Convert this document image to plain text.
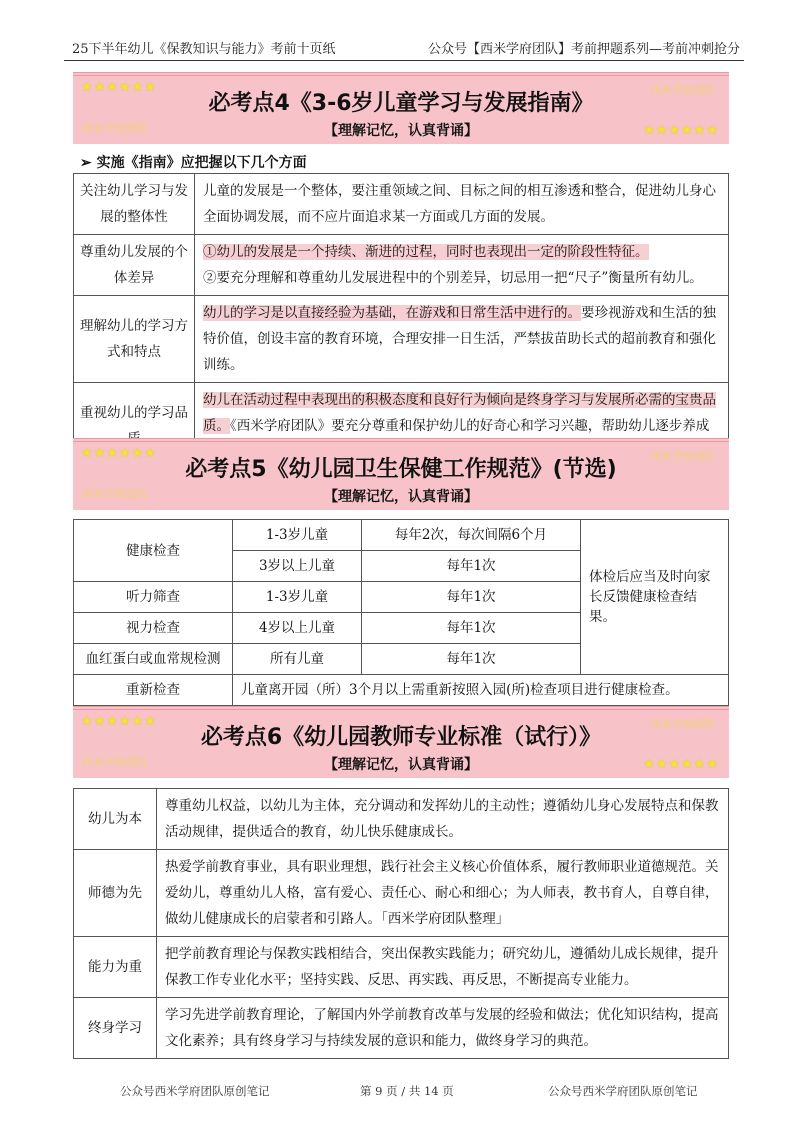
25下半年幼儿《保教知识与能力》考前十页纸	公众号【西米学府团队】考前押题系列—考前冲刺抢分
★★★★★★	西米学府团队
西米学府团队	★★★★★★
必考点4《3-6岁儿童学习与发展指南》
【理解记忆，认真背诵】
➢ 实施《指南》应把握以下几个方面
关注幼儿学习与发展的整体性	儿童的发展是一个整体，要注重领域之间、目标之间的相互渗透和整合，促进幼儿身心全面协调发展，而不应片面追求某一方面或几方面的发展。
尊重幼儿发展的个体差异	①幼儿的发展是一个持续、渐进的过程，同时也表现出一定的阶段性特征。
②要充分理解和尊重幼儿发展进程中的个别差异，切忌用一把“尺子”衡量所有幼儿。

理解幼儿的学习方式和特点	幼儿的学习是以直接经验为基础，在游戏和日常生活中进行的。要珍视游戏和生活的独特价值，创设丰富的教育环境，合理安排一日生活，严禁拔苗助长式的超前教育和强化训练。
重视幼儿的学习品	幼儿在活动过程中表现出的积极态度和良好行为倾向是终身学习与发展所必需的宝贵品质。《西米学府团队》要充分尊重和保护幼儿的好奇心和学习兴趣，帮助幼儿逐步养成
★★★★★★	西米学府团队
西米学府团队
必考点5《幼儿园卫生保健工作规范》(节选)
【理解记忆，认真背诵】
健康检查	1-3岁儿童	每年2次，每次间隔6个月	体检后应当及时向家长反馈健康检查结果。
	3岁以上儿童	每年1次	
听力筛查	1-3岁儿童	每年1次	
视力检查	4岁以上儿童	每年1次	
血红蛋白或血常规检测	所有儿童	每年1次	
重新检查	儿童离开园（所）3个月以上需重新按照入园(所)检查项目进行健康检查。		
★★★★★★	西米学府团队
西米学府团队	★★★★★★
必考点6《幼儿园教师专业标准（试行）》
【理解记忆，认真背诵】
幼儿为本	尊重幼儿权益，以幼儿为主体，充分调动和发挥幼儿的主动性；遵循幼儿身心发展特点和保教活动规律，提供适合的教育，幼儿快乐健康成长。
师德为先	热爱学前教育事业，具有职业理想，践行社会主义核心价值体系，履行教师职业道德规范。关爱幼儿，尊重幼儿人格，富有爱心、责任心、耐心和细心；为人师表，教书育人，自尊自律，做幼儿健康成长的启蒙者和引路人。「西米学府团队整理」
能力为重	把学前教育理论与保教实践相结合，突出保教实践能力；研究幼儿，遵循幼儿成长规律，提升保教工作专业化水平；坚持实践、反思、再实践、再反思，不断提高专业能力。
终身学习	学习先进学前教育理论，了解国内外学前教育改革与发展的经验和做法；优化知识结构，提高文化素养；具有终身学习与持续发展的意识和能力，做终身学习的典范。
公众号西米学府团队原创笔记	第 9 页 / 共 14 页	公众号西米学府团队原创笔记
